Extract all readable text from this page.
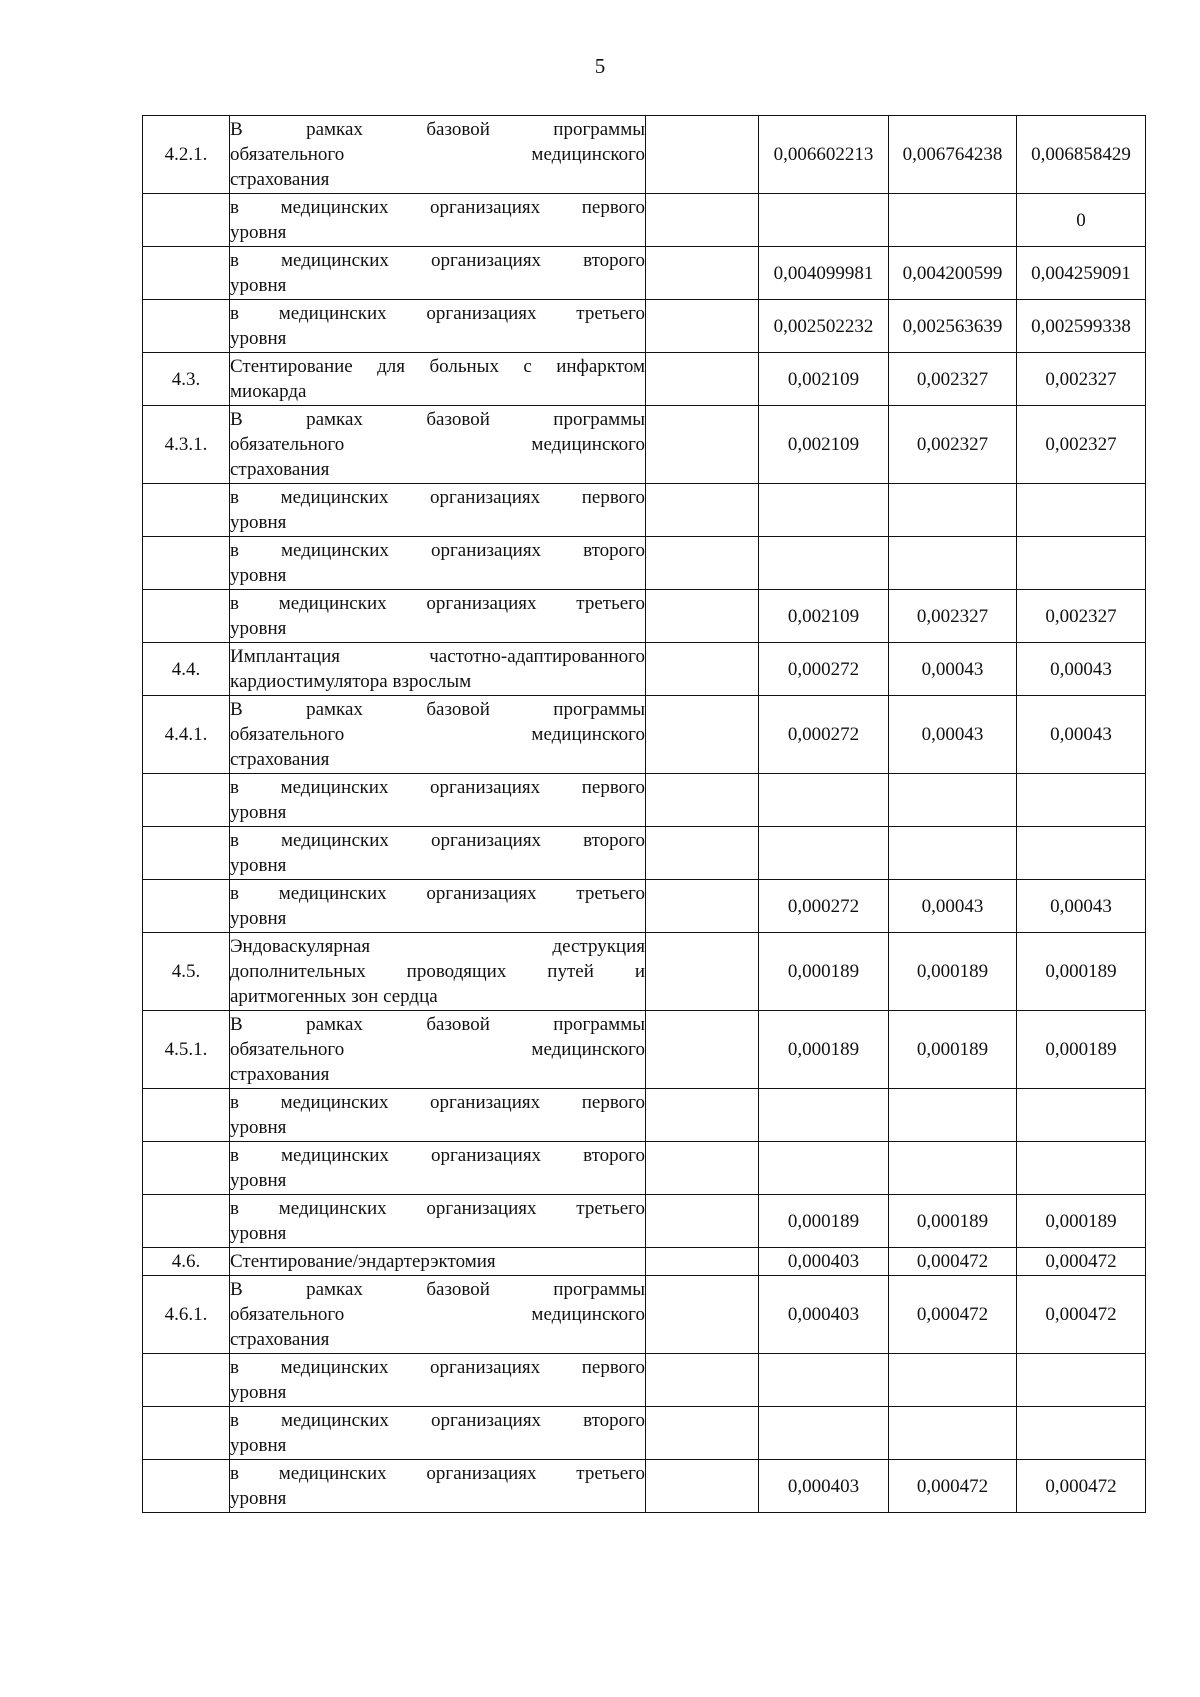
5
4.2.1.	В рамках базовой программы
обязательного медицинского
страхования		0,006602213	0,006764238	0,006858429

	в медицинских организациях первого
уровня				0

	в медицинских организациях второго
уровня		0,004099981	0,004200599	0,004259091

	в медицинских организациях третьего
уровня		0,002502232	0,002563639	0,002599338
4.3.	Стентирование для больных с инфарктом
миокарда		0,002109	0,002327	0,002327
4.3.1.	В рамках базовой программы
обязательного медицинского
страхования		0,002109	0,002327	0,002327

	в медицинских организациях первого
уровня				

	в медицинских организациях второго
уровня				

	в медицинских организациях третьего
уровня		0,002109	0,002327	0,002327
4.4.	Имплантация частотно-адаптированного
кардиостимулятора взрослым		0,000272	0,00043	0,00043
4.4.1.	В рамках базовой программы
обязательного медицинского
страхования		0,000272	0,00043	0,00043

	в медицинских организациях первого
уровня				

	в медицинских организациях второго
уровня				

	в медицинских организациях третьего
уровня		0,000272	0,00043	0,00043
4.5.	Эндоваскулярная деструкция
дополнительных проводящих путей и
аритмогенных зон сердца		0,000189	0,000189	0,000189
4.5.1.	В рамках базовой программы
обязательного медицинского
страхования		0,000189	0,000189	0,000189

	в медицинских организациях первого
уровня				

	в медицинских организациях второго
уровня				

	в медицинских организациях третьего
уровня		0,000189	0,000189	0,000189
4.6.	Стентирование/эндартерэктомия		0,000403	0,000472	0,000472
4.6.1.	В рамках базовой программы
обязательного медицинского
страхования		0,000403	0,000472	0,000472

	в медицинских организациях первого
уровня				

	в медицинских организациях второго
уровня				

	в медицинских организациях третьего
уровня		0,000403	0,000472	0,000472
